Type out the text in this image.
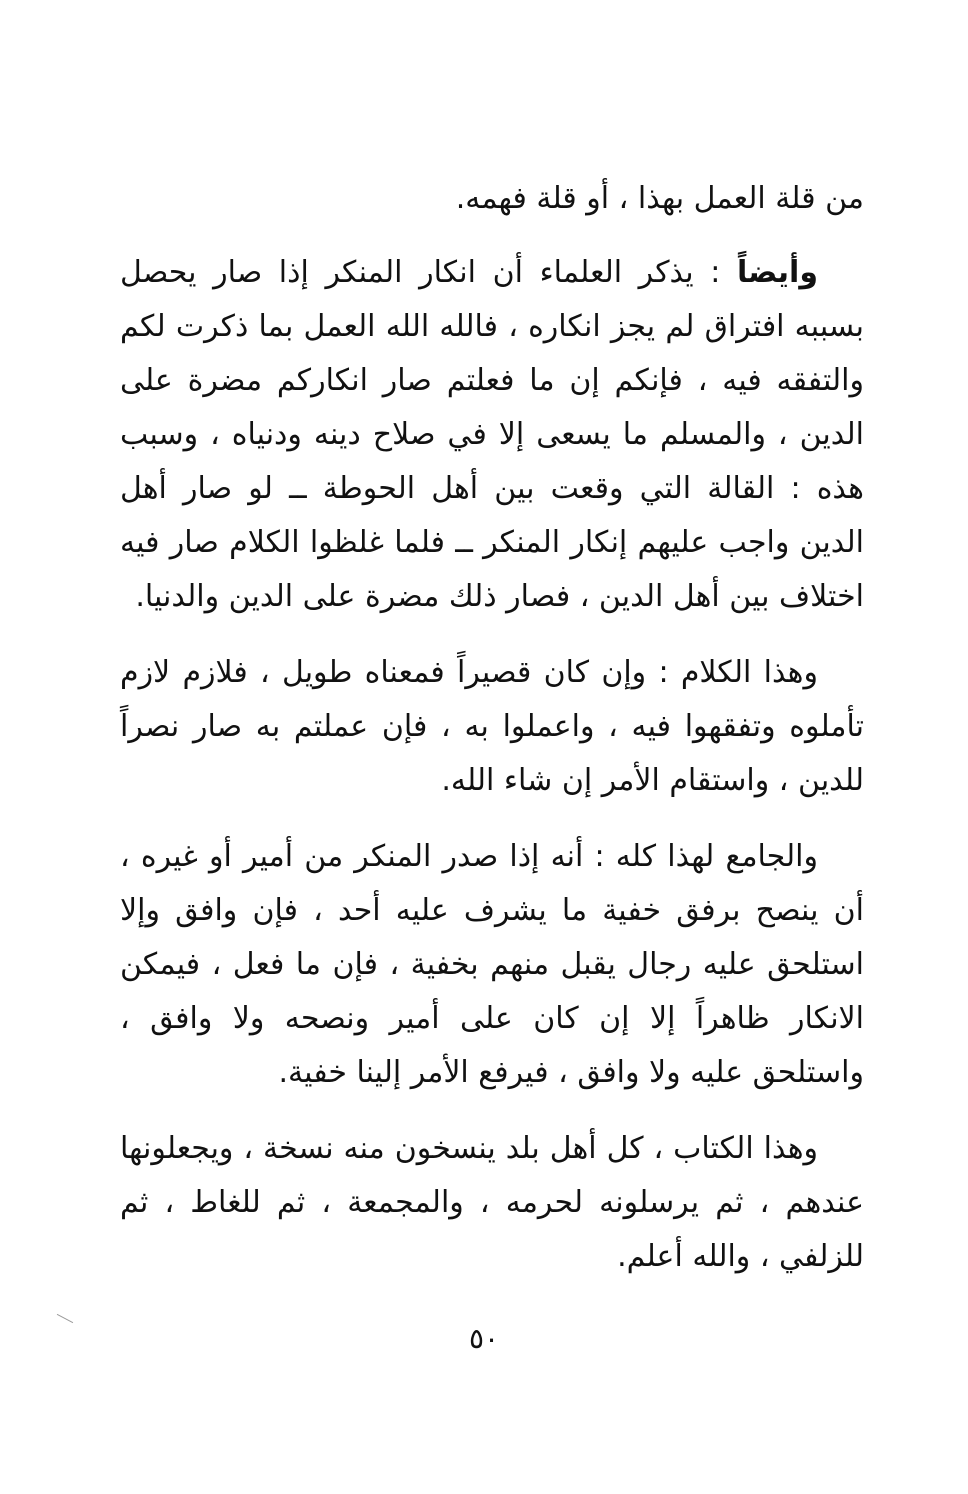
من قلة العمل بهذا ، أو قلة فهمه.

وأيضاً : يذكر العلماء أن انكار المنكر إذا صار يحصل بسببه افتراق لم يجز انكاره ، فالله الله العمل بما ذكرت لكم والتفقه فيه ، فإنكم إن ما فعلتم صار انكاركم مضرة على الدين ، والمسلم ما يسعى إلا في صلاح دينه ودنياه ، وسبب هذه : القالة التي وقعت بين أهل الحوطة ــ لو صار أهل الدين واجب عليهم إنكار المنكر ــ فلما غلظوا الكلام صار فيه اختلاف بين أهل الدين ، فصار ذلك مضرة على الدين والدنيا.

وهذا الكلام : وإن كان قصيراً فمعناه طويل ، فلازم لازم تأملوه وتفقهوا فيه ، واعملوا به ، فإن عملتم به صار نصراً للدين ، واستقام الأمر إن شاء الله.

والجامع لهذا كله : أنه إذا صدر المنكر من أمير أو غيره ، أن ينصح برفق خفية ما يشرف عليه أحد ، فإن وافق وإلا استلحق عليه رجال يقبل منهم بخفية ، فإن ما فعل ، فيمكن الانكار ظاهراً إلا إن كان على أمير ونصحه ولا وافق ، واستلحق عليه ولا وافق ، فيرفع الأمر إلينا خفية.

وهذا الكتاب ، كل أهل بلد ينسخون منه نسخة ، ويجعلونها عندهم ، ثم يرسلونه لحرمه ، والمجمعة ، ثم للغاط ، ثم للزلفي ، والله أعلم.

٥٠
